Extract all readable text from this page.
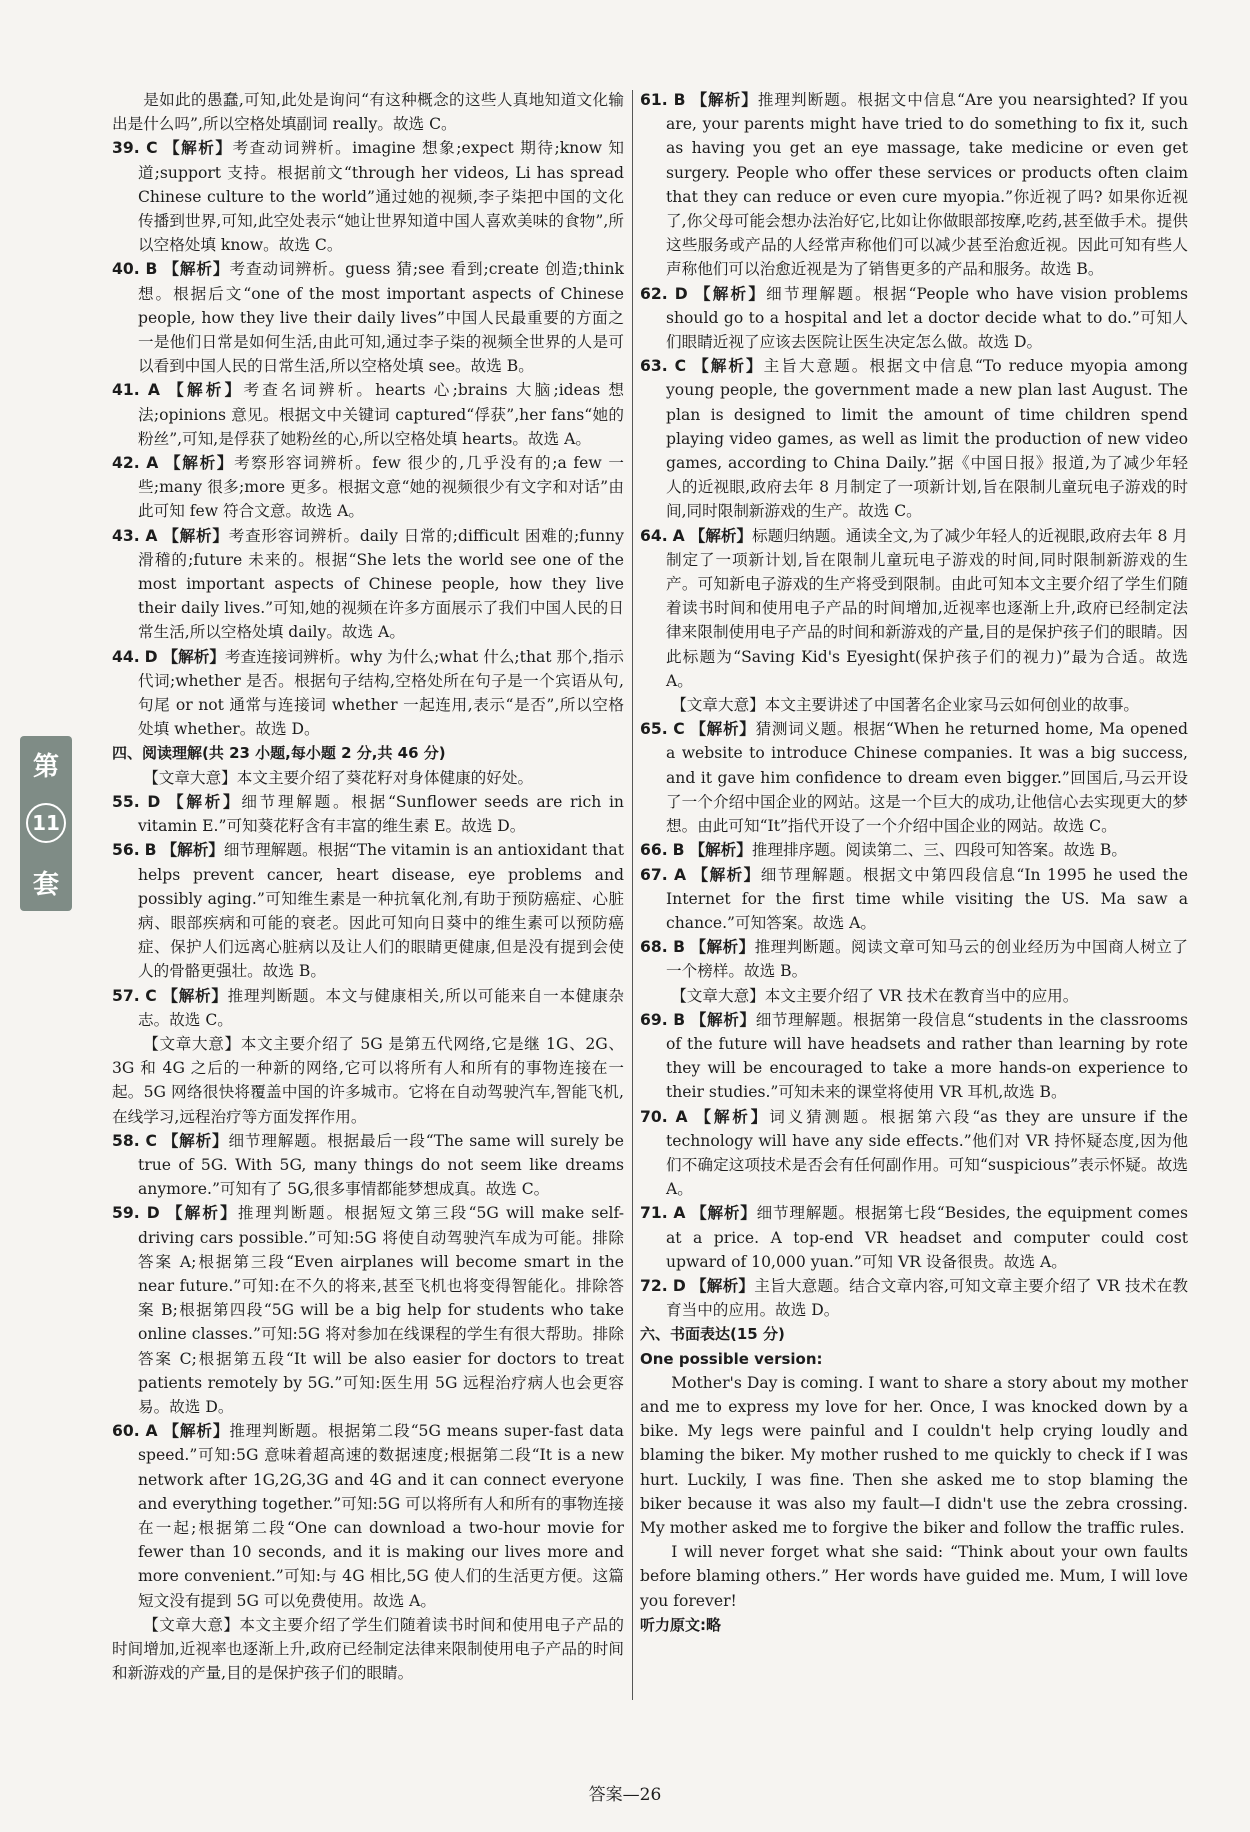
第
11
套

是如此的愚蠢,可知,此处是询问“有这种概念的这些人真地知道文化输出是什么吗”,所以空格处填副词 really。故选 C。

39. C 【解析】考查动词辨析。imagine 想象;expect 期待;know 知道;support 支持。根据前文“through her videos, Li has spread Chinese culture to the world”通过她的视频,李子柒把中国的文化传播到世界,可知,此空处表示“她让世界知道中国人喜欢美味的食物”,所以空格处填 know。故选 C。

40. B 【解析】考查动词辨析。guess 猜;see 看到;create 创造;think 想。根据后文“one of the most important aspects of Chinese people, how they live their daily lives”中国人民最重要的方面之一是他们日常是如何生活,由此可知,通过李子柒的视频全世界的人是可以看到中国人民的日常生活,所以空格处填 see。故选 B。

41. A 【解析】考查名词辨析。hearts 心;brains 大脑;ideas 想法;opinions 意见。根据文中关键词 captured“俘获”,her fans“她的粉丝”,可知,是俘获了她粉丝的心,所以空格处填 hearts。故选 A。

42. A 【解析】考察形容词辨析。few 很少的,几乎没有的;a few 一些;many 很多;more 更多。根据文意“她的视频很少有文字和对话”由此可知 few 符合文意。故选 A。

43. A 【解析】考查形容词辨析。daily 日常的;difficult 困难的;funny 滑稽的;future 未来的。根据“She lets the world see one of the most important aspects of Chinese people, how they live their daily lives.”可知,她的视频在许多方面展示了我们中国人民的日常生活,所以空格处填 daily。故选 A。

44. D 【解析】考查连接词辨析。why 为什么;what 什么;that 那个,指示代词;whether 是否。根据句子结构,空格处所在句子是一个宾语从句,句尾 or not 通常与连接词 whether 一起连用,表示“是否”,所以空格处填 whether。故选 D。

四、阅读理解(共 23 小题,每小题 2 分,共 46 分)

【文章大意】本文主要介绍了葵花籽对身体健康的好处。

55. D 【解析】细节理解题。根据“Sunflower seeds are rich in vitamin E.”可知葵花籽含有丰富的维生素 E。故选 D。

56. B 【解析】细节理解题。根据“The vitamin is an antioxidant that helps prevent cancer, heart disease, eye problems and possibly aging.”可知维生素是一种抗氧化剂,有助于预防癌症、心脏病、眼部疾病和可能的衰老。因此可知向日葵中的维生素可以预防癌症、保护人们远离心脏病以及让人们的眼睛更健康,但是没有提到会使人的骨骼更强壮。故选 B。

57. C 【解析】推理判断题。本文与健康相关,所以可能来自一本健康杂志。故选 C。

【文章大意】本文主要介绍了 5G 是第五代网络,它是继 1G、2G、3G 和 4G 之后的一种新的网络,它可以将所有人和所有的事物连接在一起。5G 网络很快将覆盖中国的许多城市。它将在自动驾驶汽车,智能飞机,在线学习,远程治疗等方面发挥作用。

58. C 【解析】细节理解题。根据最后一段“The same will surely be true of 5G. With 5G, many things do not seem like dreams anymore.”可知有了 5G,很多事情都能梦想成真。故选 C。

59. D 【解析】推理判断题。根据短文第三段“5G will make self-driving cars possible.”可知:5G 将使自动驾驶汽车成为可能。排除答案 A;根据第三段“Even airplanes will become smart in the near future.”可知:在不久的将来,甚至飞机也将变得智能化。排除答案 B;根据第四段“5G will be a big help for students who take online classes.”可知:5G 将对参加在线课程的学生有很大帮助。排除答案 C;根据第五段“It will be also easier for doctors to treat patients remotely by 5G.”可知:医生用 5G 远程治疗病人也会更容易。故选 D。

60. A 【解析】推理判断题。根据第二段“5G means super-fast data speed.”可知:5G 意味着超高速的数据速度;根据第二段“It is a new network after 1G,2G,3G and 4G and it can connect everyone and everything together.”可知:5G 可以将所有人和所有的事物连接在一起;根据第二段“One can download a two-hour movie for fewer than 10 seconds, and it is making our lives more and more convenient.”可知:与 4G 相比,5G 使人们的生活更方便。这篇短文没有提到 5G 可以免费使用。故选 A。

【文章大意】本文主要介绍了学生们随着读书时间和使用电子产品的时间增加,近视率也逐渐上升,政府已经制定法律来限制使用电子产品的时间和新游戏的产量,目的是保护孩子们的眼睛。

61. B 【解析】推理判断题。根据文中信息“Are you nearsighted? If you are, your parents might have tried to do something to fix it, such as having you get an eye massage, take medicine or even get surgery. People who offer these services or products often claim that they can reduce or even cure myopia.”你近视了吗? 如果你近视了,你父母可能会想办法治好它,比如让你做眼部按摩,吃药,甚至做手术。提供这些服务或产品的人经常声称他们可以减少甚至治愈近视。因此可知有些人声称他们可以治愈近视是为了销售更多的产品和服务。故选 B。

62. D 【解析】细节理解题。根据“People who have vision problems should go to a hospital and let a doctor decide what to do.”可知人们眼睛近视了应该去医院让医生决定怎么做。故选 D。

63. C 【解析】主旨大意题。根据文中信息“To reduce myopia among young people, the government made a new plan last August. The plan is designed to limit the amount of time children spend playing video games, as well as limit the production of new video games, according to China Daily.”据《中国日报》报道,为了减少年轻人的近视眼,政府去年 8 月制定了一项新计划,旨在限制儿童玩电子游戏的时间,同时限制新游戏的生产。故选 C。

64. A 【解析】标题归纳题。通读全文,为了减少年轻人的近视眼,政府去年 8 月制定了一项新计划,旨在限制儿童玩电子游戏的时间,同时限制新游戏的生产。可知新电子游戏的生产将受到限制。由此可知本文主要介绍了学生们随着读书时间和使用电子产品的时间增加,近视率也逐渐上升,政府已经制定法律来限制使用电子产品的时间和新游戏的产量,目的是保护孩子们的眼睛。因此标题为“Saving Kid's Eyesight(保护孩子们的视力)”最为合适。故选 A。

【文章大意】本文主要讲述了中国著名企业家马云如何创业的故事。

65. C 【解析】猜测词义题。根据“When he returned home, Ma opened a website to introduce Chinese companies. It was a big success, and it gave him confidence to dream even bigger.”回国后,马云开设了一个介绍中国企业的网站。这是一个巨大的成功,让他信心去实现更大的梦想。由此可知“It”指代开设了一个介绍中国企业的网站。故选 C。

66. B 【解析】推理排序题。阅读第二、三、四段可知答案。故选 B。

67. A 【解析】细节理解题。根据文中第四段信息“In 1995 he used the Internet for the first time while visiting the US. Ma saw a chance.”可知答案。故选 A。

68. B 【解析】推理判断题。阅读文章可知马云的创业经历为中国商人树立了一个榜样。故选 B。

【文章大意】本文主要介绍了 VR 技术在教育当中的应用。

69. B 【解析】细节理解题。根据第一段信息“students in the classrooms of the future will have headsets and rather than learning by rote they will be encouraged to take a more hands-on experience to their studies.”可知未来的课堂将使用 VR 耳机,故选 B。

70. A 【解析】词义猜测题。根据第六段“as they are unsure if the technology will have any side effects.”他们对 VR 持怀疑态度,因为他们不确定这项技术是否会有任何副作用。可知“suspicious”表示怀疑。故选 A。

71. A 【解析】细节理解题。根据第七段“Besides, the equipment comes at a price. A top-end VR headset and computer could cost upward of 10,000 yuan.”可知 VR 设备很贵。故选 A。

72. D 【解析】主旨大意题。结合文章内容,可知文章主要介绍了 VR 技术在教育当中的应用。故选 D。

六、书面表达(15 分)

One possible version:

Mother's Day is coming. I want to share a story about my mother and me to express my love for her. Once, I was knocked down by a bike. My legs were painful and I couldn't help crying loudly and blaming the biker. My mother rushed to me quickly to check if I was hurt. Luckily, I was fine. Then she asked me to stop blaming the biker because it was also my fault—I didn't use the zebra crossing. My mother asked me to forgive the biker and follow the traffic rules.

I will never forget what she said: “Think about your own faults before blaming others.” Her words have guided me. Mum, I will love you forever!

听力原文:略

答案—26
